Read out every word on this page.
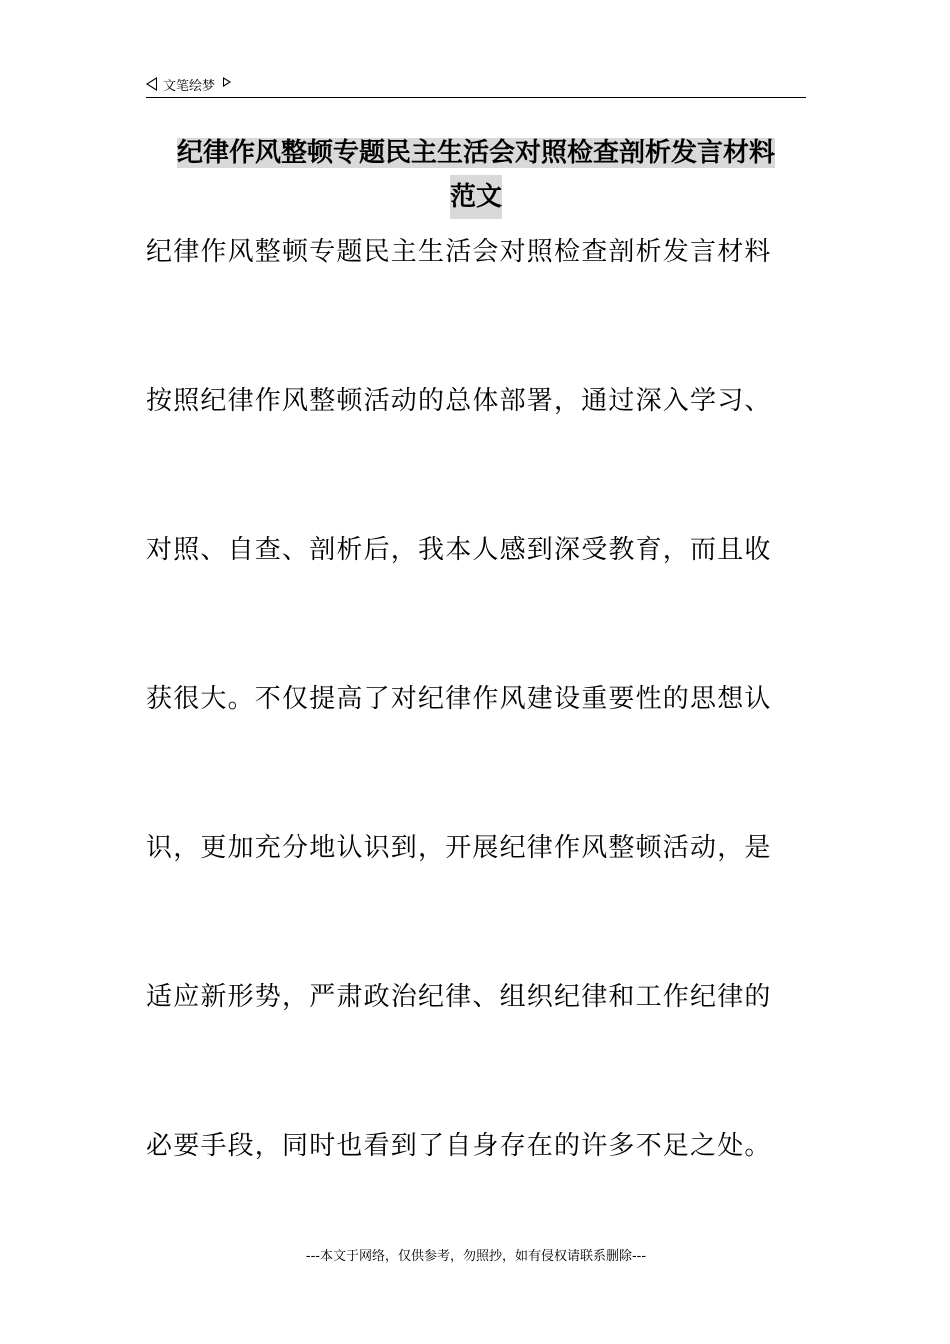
文笔绘梦
纪律作风整顿专题民主生活会对照检查剖析发言材料
范文
纪律作风整顿专题民主生活会对照检查剖析发言材料
按照纪律作风整顿活动的总体部署，通过深入学习、
对照、自查、剖析后，我本人感到深受教育，而且收
获很大。不仅提高了对纪律作风建设重要性的思想认
识，更加充分地认识到，开展纪律作风整顿活动，是
适应新形势，严肃政治纪律、组织纪律和工作纪律的
必要手段，同时也看到了自身存在的许多不足之处。
---本文于网络，仅供参考，勿照抄，如有侵权请联系删除---
